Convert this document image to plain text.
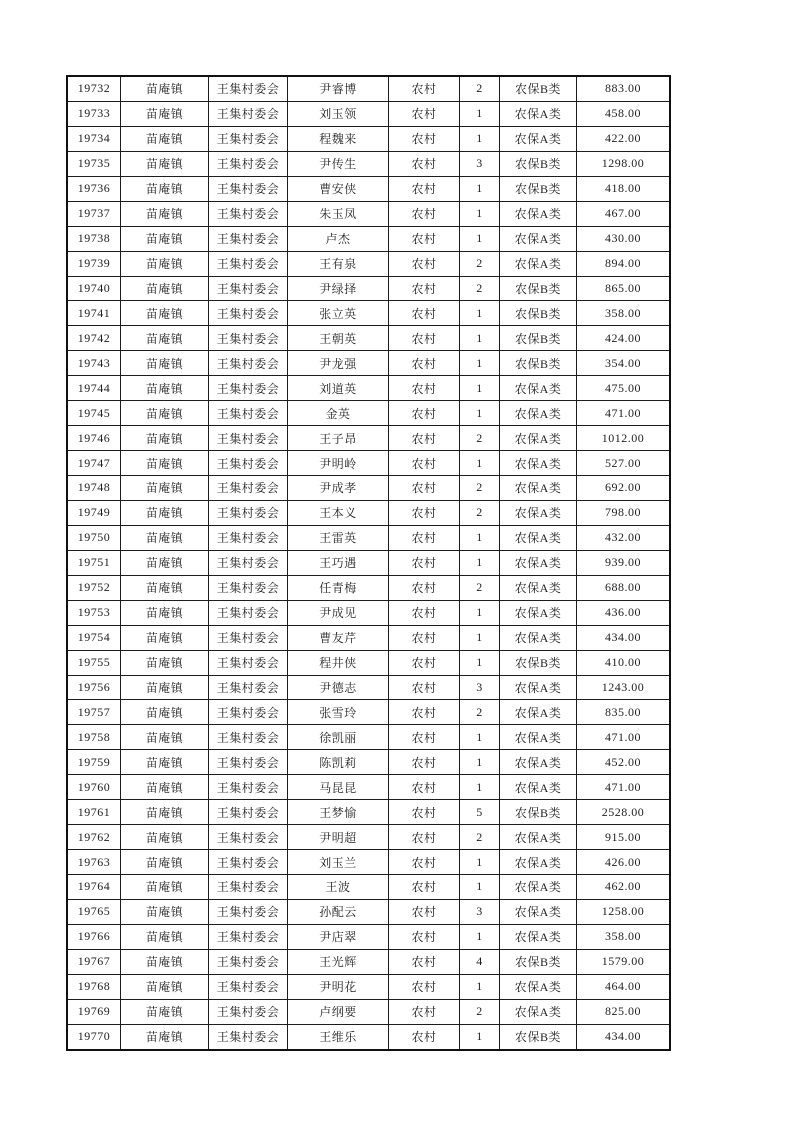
19732	苗庵镇	王集村委会	尹睿博	农村	2	农保B类	883.00
19733	苗庵镇	王集村委会	刘玉领	农村	1	农保A类	458.00
19734	苗庵镇	王集村委会	程魏来	农村	1	农保A类	422.00
19735	苗庵镇	王集村委会	尹传生	农村	3	农保B类	1298.00
19736	苗庵镇	王集村委会	曹安侠	农村	1	农保B类	418.00
19737	苗庵镇	王集村委会	朱玉凤	农村	1	农保A类	467.00
19738	苗庵镇	王集村委会	卢杰	农村	1	农保A类	430.00
19739	苗庵镇	王集村委会	王有泉	农村	2	农保A类	894.00
19740	苗庵镇	王集村委会	尹绿择	农村	2	农保B类	865.00
19741	苗庵镇	王集村委会	张立英	农村	1	农保B类	358.00
19742	苗庵镇	王集村委会	王朝英	农村	1	农保B类	424.00
19743	苗庵镇	王集村委会	尹龙强	农村	1	农保B类	354.00
19744	苗庵镇	王集村委会	刘道英	农村	1	农保A类	475.00
19745	苗庵镇	王集村委会	金英	农村	1	农保A类	471.00
19746	苗庵镇	王集村委会	王子昂	农村	2	农保A类	1012.00
19747	苗庵镇	王集村委会	尹明岭	农村	1	农保A类	527.00
19748	苗庵镇	王集村委会	尹成孝	农村	2	农保A类	692.00
19749	苗庵镇	王集村委会	王本义	农村	2	农保A类	798.00
19750	苗庵镇	王集村委会	王雷英	农村	1	农保A类	432.00
19751	苗庵镇	王集村委会	王巧遇	农村	1	农保A类	939.00
19752	苗庵镇	王集村委会	任青梅	农村	2	农保A类	688.00
19753	苗庵镇	王集村委会	尹成见	农村	1	农保A类	436.00
19754	苗庵镇	王集村委会	曹友芹	农村	1	农保A类	434.00
19755	苗庵镇	王集村委会	程井侠	农村	1	农保B类	410.00
19756	苗庵镇	王集村委会	尹德志	农村	3	农保A类	1243.00
19757	苗庵镇	王集村委会	张雪玲	农村	2	农保A类	835.00
19758	苗庵镇	王集村委会	徐凯丽	农村	1	农保A类	471.00
19759	苗庵镇	王集村委会	陈凯莉	农村	1	农保A类	452.00
19760	苗庵镇	王集村委会	马昆昆	农村	1	农保A类	471.00
19761	苗庵镇	王集村委会	王梦愉	农村	5	农保B类	2528.00
19762	苗庵镇	王集村委会	尹明超	农村	2	农保A类	915.00
19763	苗庵镇	王集村委会	刘玉兰	农村	1	农保A类	426.00
19764	苗庵镇	王集村委会	王波	农村	1	农保A类	462.00
19765	苗庵镇	王集村委会	孙配云	农村	3	农保A类	1258.00
19766	苗庵镇	王集村委会	尹店翠	农村	1	农保A类	358.00
19767	苗庵镇	王集村委会	王光辉	农村	4	农保B类	1579.00
19768	苗庵镇	王集村委会	尹明花	农村	1	农保A类	464.00
19769	苗庵镇	王集村委会	卢纲要	农村	2	农保A类	825.00
19770	苗庵镇	王集村委会	王维乐	农村	1	农保B类	434.00
